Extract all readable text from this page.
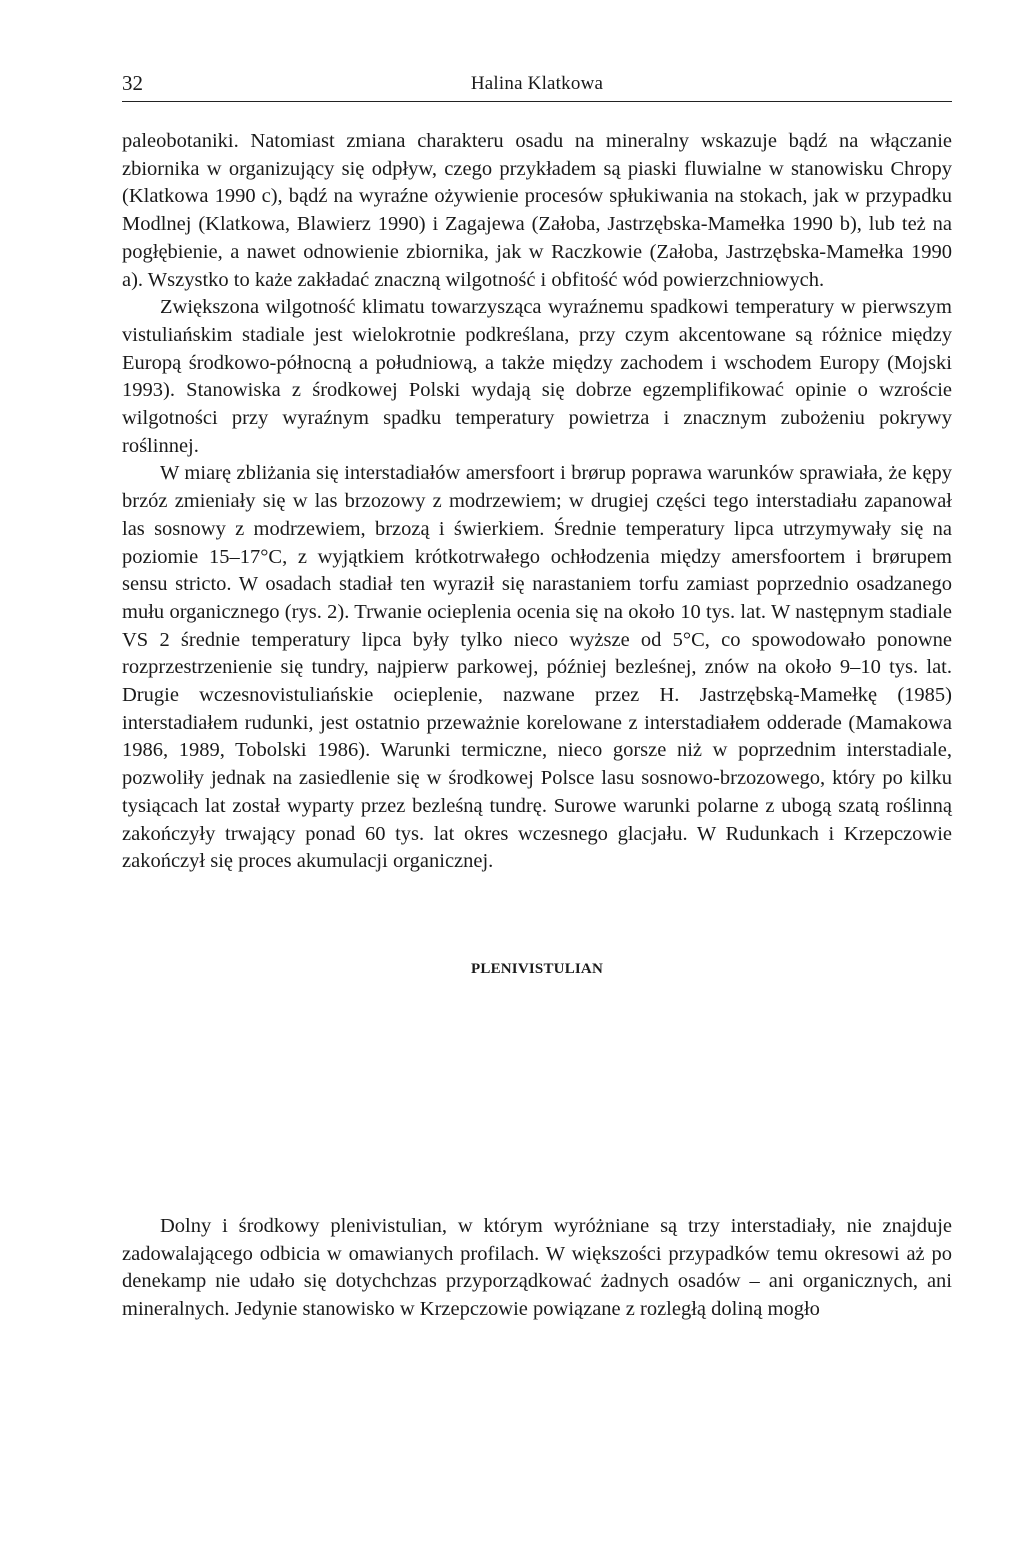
32	Halina Klatkowa

paleobotaniki. Natomiast zmiana charakteru osadu na mineralny wskazuje bądź na włączanie zbiornika w organizujący się odpływ, czego przykładem są piaski fluwialne w stanowisku Chropy (Klatkowa 1990 c), bądź na wyraźne ożywienie procesów spłukiwania na stokach, jak w przypadku Modlnej (Klatkowa, Blawierz 1990) i Zagajewa (Załoba, Jastrzębska-Mamełka 1990 b), lub też na pogłębienie, a nawet odnowienie zbiornika, jak w Raczkowie (Załoba, Jastrzębska-Mamełka 1990 a). Wszystko to każe zakładać znaczną wilgotność i obfitość wód powierzchniowych.

Zwiększona wilgotność klimatu towarzysząca wyraźnemu spadkowi temperatury w pierwszym vistuliańskim stadiale jest wielokrotnie podkreślana, przy czym akcentowane są różnice między Europą środkowo-północną a południową, a także między zachodem i wschodem Europy (Mojski 1993). Stanowiska z środkowej Polski wydają się dobrze egzemplifikować opinie o wzroście wilgotności przy wyraźnym spadku temperatury powietrza i znacznym zubożeniu pokrywy roślinnej.

W miarę zbliżania się interstadiałów amersfoort i brørup poprawa warunków sprawiała, że kępy brzóz zmieniały się w las brzozowy z modrzewiem; w drugiej części tego interstadiału zapanował las sosnowy z modrzewiem, brzozą i świerkiem. Średnie temperatury lipca utrzymywały się na poziomie 15–17°C, z wyjątkiem krótkotrwałego ochłodzenia między amersfoortem i brørupem sensu stricto. W osadach stadiał ten wyraził się narastaniem torfu zamiast poprzednio osadzanego mułu organicznego (rys. 2). Trwanie ocieplenia ocenia się na około 10 tys. lat. W następnym stadiale VS 2 średnie temperatury lipca były tylko nieco wyższe od 5°C, co spowodowało ponowne rozprzestrzenienie się tundry, najpierw parkowej, później bezleśnej, znów na około 9–10 tys. lat. Drugie wczesnovistuliańskie ocieplenie, nazwane przez H. Jastrzębską-Mamełkę (1985) interstadiałem rudunki, jest ostatnio przeważnie korelowane z interstadiałem odderade (Mamakowa 1986, 1989, Tobolski 1986). Warunki termiczne, nieco gorsze niż w poprzednim interstadiale, pozwoliły jednak na zasiedlenie się w środkowej Polsce lasu sosnowo-brzozowego, który po kilku tysiącach lat został wyparty przez bezleśną tundrę. Surowe warunki polarne z ubogą szatą roślinną zakończyły trwający ponad 60 tys. lat okres wczesnego glacjału. W Rudunkach i Krzepczowie zakończył się proces akumulacji organicznej.

PLENIVISTULIAN

Dolny i środkowy plenivistulian, w którym wyróżniane są trzy interstadiały, nie znajduje zadowalającego odbicia w omawianych profilach. W większości przypadków temu okresowi aż po denekamp nie udało się dotychchzas przyporządkować żadnych osadów – ani organicznych, ani mineralnych. Jedynie stanowisko w Krzepczowie powiązane z rozległą doliną mogło
